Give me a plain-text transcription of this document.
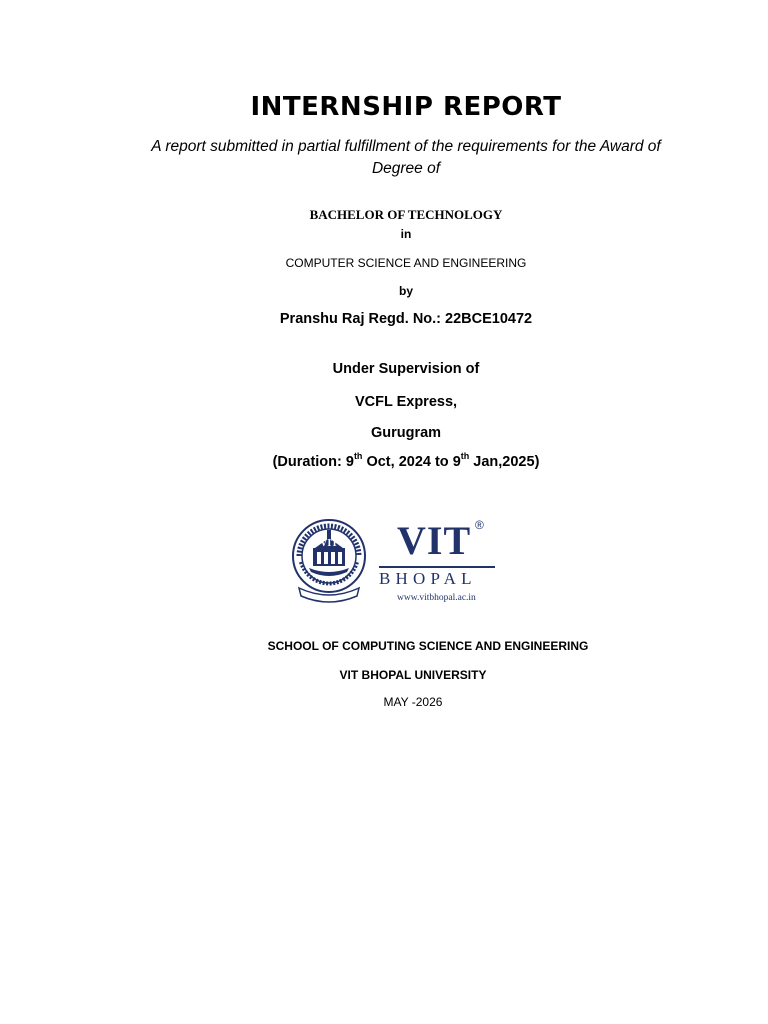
INTERNSHIP REPORT
A report submitted in partial fulfillment of the requirements for the Award of Degree of
BACHELOR OF TECHNOLOGY
in
COMPUTER SCIENCE AND ENGINEERING
by
Pranshu Raj Regd. No.: 22BCE10472
Under Supervision of
VCFL Express,
Gurugram
(Duration: 9th Oct, 2024 to 9th Jan,2025)
VIT VIT ®
BHOPAL
www.vitbhopal.ac.in
SCHOOL OF COMPUTING SCIENCE AND ENGINEERING
VIT BHOPAL UNIVERSITY
MAY -2026
